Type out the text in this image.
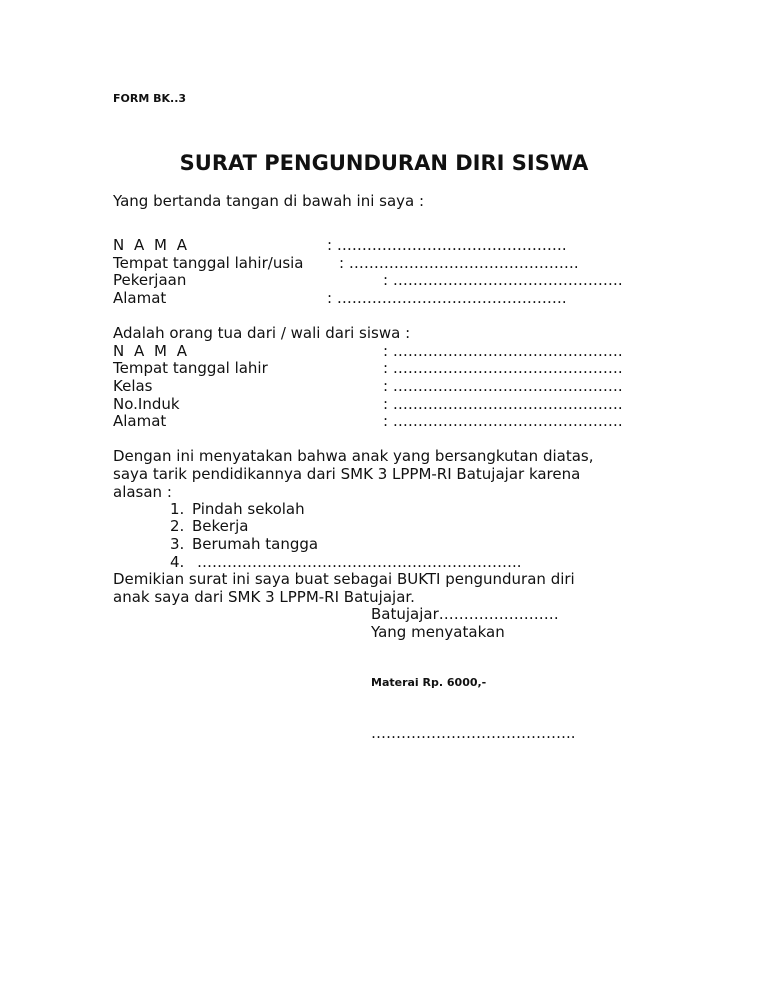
FORM BK..3
SURAT PENGUNDURAN DIRI SISWA
Yang bertanda tangan di bawah ini saya :
N A M A	: ……………………………………….
Tempat tanggal lahir/usia : ……………………………………….
Pekerjaan	: ……………………………………….
Alamat	: ……………………………………….
Adalah orang tua dari / wali dari siswa :
N A M A	: ……………………………………….
Tempat tanggal lahir	: ……………………………………….
Kelas	: ……………………………………….
No.Induk	: ……………………………………….
Alamat	: ……………………………………….
Dengan ini menyatakan bahwa anak yang bersangkutan diatas,
saya tarik pendidikannya dari SMK 3 LPPM-RI Batujajar karena
alasan :
1. Pindah sekolah
2. Bekerja
3. Berumah tangga
4. ………………………………………………………..
Demikian surat ini saya buat sebagai BUKTI pengunduran diri
anak saya dari SMK 3 LPPM-RI Batujajar.
Batujajar……………………
Yang menyatakan
Materai Rp. 6000,-
…………………………………..
